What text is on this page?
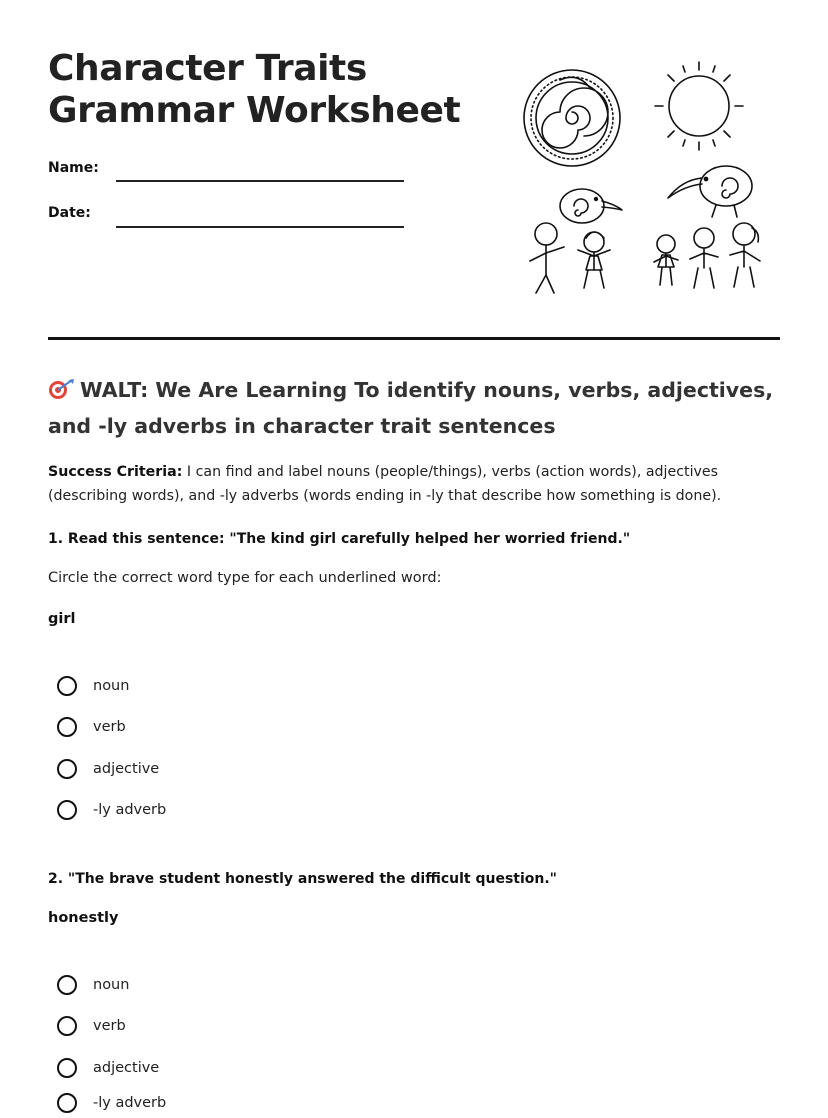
Character Traits
Grammar Worksheet
Name:
Date:
WALT: We Are Learning To identify nouns, verbs, adjectives, and -ly adverbs in character trait sentences

Success Criteria: I can find and label nouns (people/things), verbs (action words), adjectives (describing words), and -ly adverbs (words ending in -ly that describe how something is done).

1. Read this sentence: "The kind girl carefully helped her worried friend."
Circle the correct word type for each underlined word:
girl
noun
verb
adjective
-ly adverb
2. "The brave student honestly answered the difficult question."
honestly
noun
verb
adjective
-ly adverb
